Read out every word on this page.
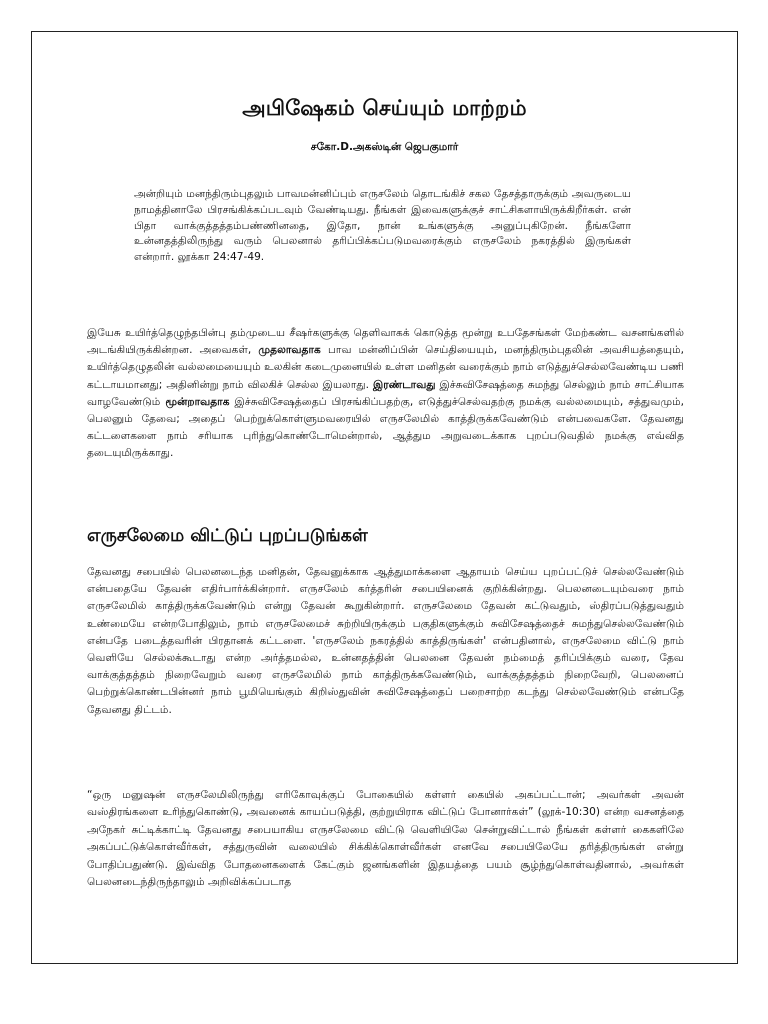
அபிஷேகம் செய்யும் மாற்றம்
சகோ.D.அகஸ்டின் ஜெபகுமார்

அன்றியும் மனந்திரும்புதலும் பாவமன்னிப்பும் எருசலேம் தொடங்கிச் சகல தேசத்தாருக்கும் அவருடைய நாமத்தினாலே பிரசங்கிக்கப்படவும் வேண்டியது. நீங்கள் இவைகளுக்குச் சாட்சிகளாயிருக்கிறீர்கள். என் பிதா வாக்குத்தத்தம்பண்ணினதை, இதோ, நான் உங்களுக்கு அனுப்புகிறேன். நீங்களோ உன்னதத்திலிருந்து வரும் பெலனால் தரிப்பிக்கப்படுமவரைக்கும் எருசலேம் நகரத்தில் இருங்கள் என்றார். லூக்கா 24:47-49.

இயேசு உயிர்த்தெழுந்தபின்பு தம்முடைய சீஷர்களுக்கு தெளிவாகக் கொடுத்த மூன்று உபதேசங்கள் மேற்கண்ட வசனங்களில் அடங்கியிருக்கின்றன. அவைகள், முதலாவதாக பாவ மன்னிப்பின் செய்தியையும், மனந்திரும்புதலின் அவசியத்தையும், உயிர்த்தெழுதலின் வல்லமையையும் உலகின் கடைமுனையில் உள்ள மனிதன் வரைக்கும் நாம் எடுத்துச்செல்லவேண்டிய பணி கட்டாயமானது; அதினின்று நாம் விலகிச் செல்ல இயலாது. இரண்டாவது இச்சுவிசேஷத்தை சுமந்து செல்லும் நாம் சாட்சியாக வாழவேண்டும் மூன்றாவதாக இச்சுவிசேஷத்தைப் பிரசங்கிப்பதற்கு, எடுத்துச்செல்வதற்கு நமக்கு வல்லமையும், சத்துவமும், பெலனும் தேவை; அதைப் பெற்றுக்கொள்ளுமவரையில் எருசலேமில் காத்திருக்கவேண்டும் என்பவைகளே. தேவனது கட்டளைகளை நாம் சரியாக புரிந்துகொண்டோமென்றால், ஆத்தும அறுவடைக்காக புறப்படுவதில் நமக்கு எவ்வித தடையுமிருக்காது.

எருசலேமை விட்டுப் புறப்படுங்கள்

தேவனது சபையில் பெலனடைந்த மனிதன், தேவனுக்காக ஆத்துமாக்களை ஆதாயம் செய்ய புறப்பட்டுச் செல்லவேண்டும் என்பதையே தேவன் எதிர்பார்க்கின்றார். எருசலேம் கர்த்தரின் சபையினைக் குறிக்கின்றது. பெலனடையும்வரை நாம் எருசலேமில் காத்திருக்கவேண்டும் என்று தேவன் கூறுகின்றார். எருசலேமை தேவன் கட்டுவதும், ஸ்திரப்படுத்துவதும் உண்மையே என்றபோதிலும், நாம் எருசலேமைச் சுற்றியிருக்கும் பகுதிகளுக்கும் சுவிசேஷத்தைச் சுமந்துசெல்லவேண்டும் என்பதே படைத்தவரின் பிரதானக் கட்டளை. 'எருசலேம் நகரத்தில் காத்திருங்கள்' என்பதினால், எருசலேமை விட்டு நாம் வெளியே செல்லக்கூடாது என்ற அர்த்தமல்ல, உன்னதத்தின் பெலனை தேவன் நம்மைத் தரிப்பிக்கும் வரை, தேவ வாக்குத்தத்தம் நிறைவேறும் வரை எருசலேமில் நாம் காத்திருக்கவேண்டும், வாக்குத்தத்தம் நிறைவேறி, பெலனைப் பெற்றுக்கொண்டபின்னர் நாம் பூமியெங்கும் கிறிஸ்துவின் சுவிசேஷத்தைப் பறைசாற்ற கடந்து செல்லவேண்டும் என்பதே தேவனது திட்டம்.

“ஒரு மனுஷன் எருசலேமிலிருந்து எரிகோவுக்குப் போகையில் கள்ளர் கையில் அகப்பட்டான்; அவர்கள் அவன் வஸ்திரங்களை உரிந்துகொண்டு, அவனைக் காயப்படுத்தி, குற்றுயிராக விட்டுப் போனார்கள்” (லூக்-10:30) என்ற வசனத்தை அநேகர் சுட்டிக்காட்டி தேவனது சபையாகிய எருசலேமை விட்டு வெளியிலே சென்றுவிட்டால் நீங்கள் கள்ளர் கைகளிலே அகப்பட்டுக்கொள்வீர்கள், சத்துருவின் வலையில் சிக்கிக்கொள்வீர்கள் எனவே சபையிலேயே தரித்திருங்கள் என்று போதிப்பதுண்டு. இவ்வித போதனைகளைக் கேட்கும் ஜனங்களின் இதயத்தை பயம் சூழ்ந்துகொள்வதினால், அவர்கள் பெலனடைந்திருந்தாலும் அறிவிக்கப்படாத
